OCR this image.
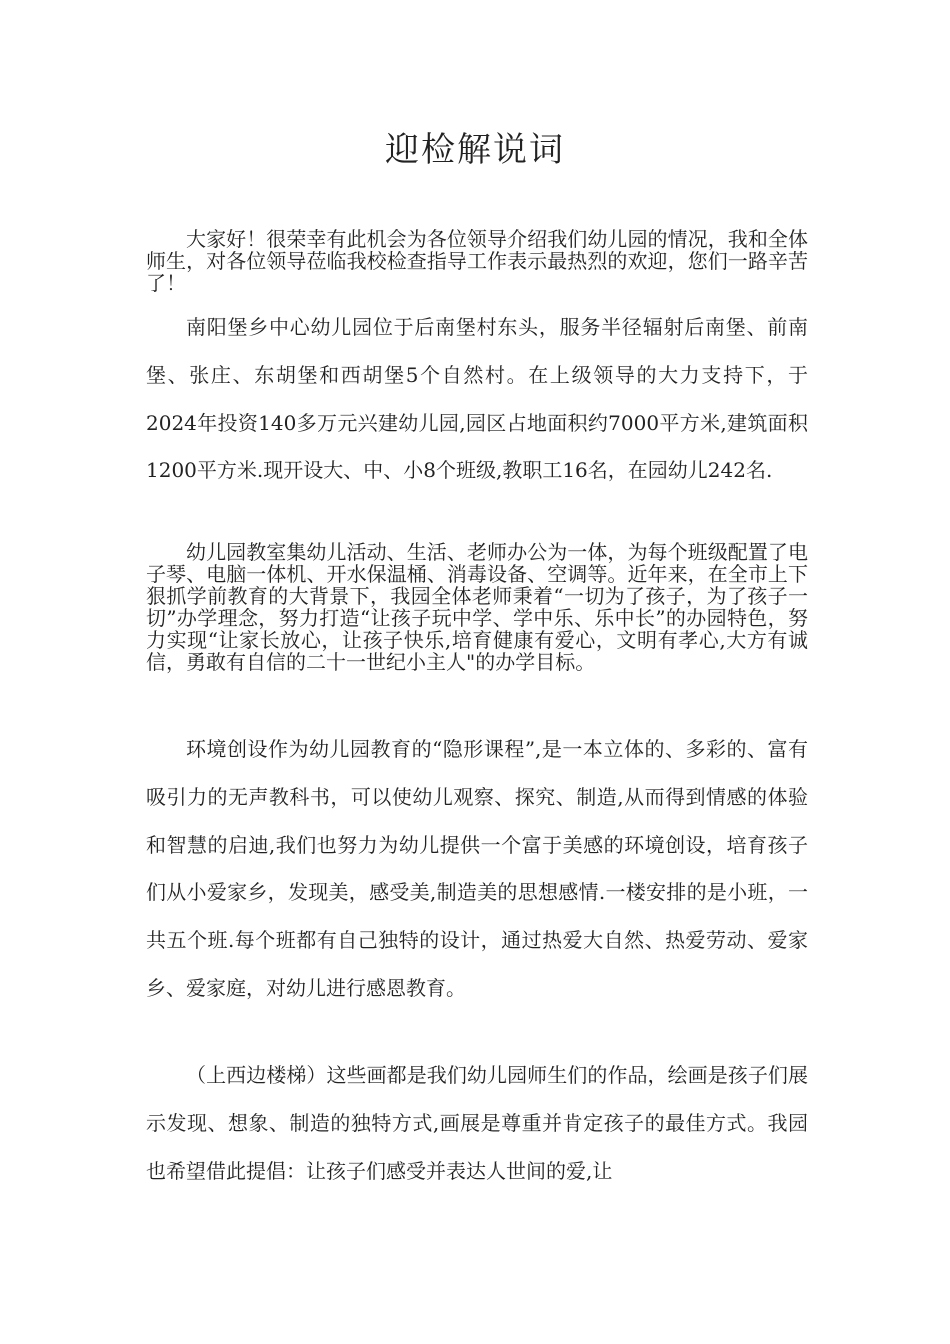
迎检解说词

大家好！很荣幸有此机会为各位领导介绍我们幼儿园的情况，我和全体师生，对各位领导莅临我校检查指导工作表示最热烈的欢迎，您们一路辛苦了！

南阳堡乡中心幼儿园位于后南堡村东头，服务半径辐射后南堡、前南堡、张庄、东胡堡和西胡堡5个自然村。在上级领导的大力支持下，于2024年投资140多万元兴建幼儿园,园区占地面积约7000平方米,建筑面积1200平方米.现开设大、中、小8个班级,教职工16名，在园幼儿242名.

幼儿园教室集幼儿活动、生活、老师办公为一体，为每个班级配置了电子琴、电脑一体机、开水保温桶、消毒设备、空调等。近年来，在全市上下狠抓学前教育的大背景下，我园全体老师秉着“一切为了孩子，为了孩子一切”办学理念，努力打造“让孩子玩中学、学中乐、乐中长”的办园特色，努力实现“让家长放心，让孩子快乐,培育健康有爱心，文明有孝心,大方有诚信，勇敢有自信的二十一世纪小主人"的办学目标。

环境创设作为幼儿园教育的“隐形课程”,是一本立体的、多彩的、富有吸引力的无声教科书，可以使幼儿观察、探究、制造,从而得到情感的体验和智慧的启迪,我们也努力为幼儿提供一个富于美感的环境创设，培育孩子们从小爱家乡，发现美，感受美,制造美的思想感情.一楼安排的是小班，一共五个班.每个班都有自己独特的设计，通过热爱大自然、热爱劳动、爱家乡、爱家庭，对幼儿进行感恩教育。

（上西边楼梯）这些画都是我们幼儿园师生们的作品，绘画是孩子们展示发现、想象、制造的独特方式,画展是尊重并肯定孩子的最佳方式。我园也希望借此提倡：让孩子们感受并表达人世间的爱,让
